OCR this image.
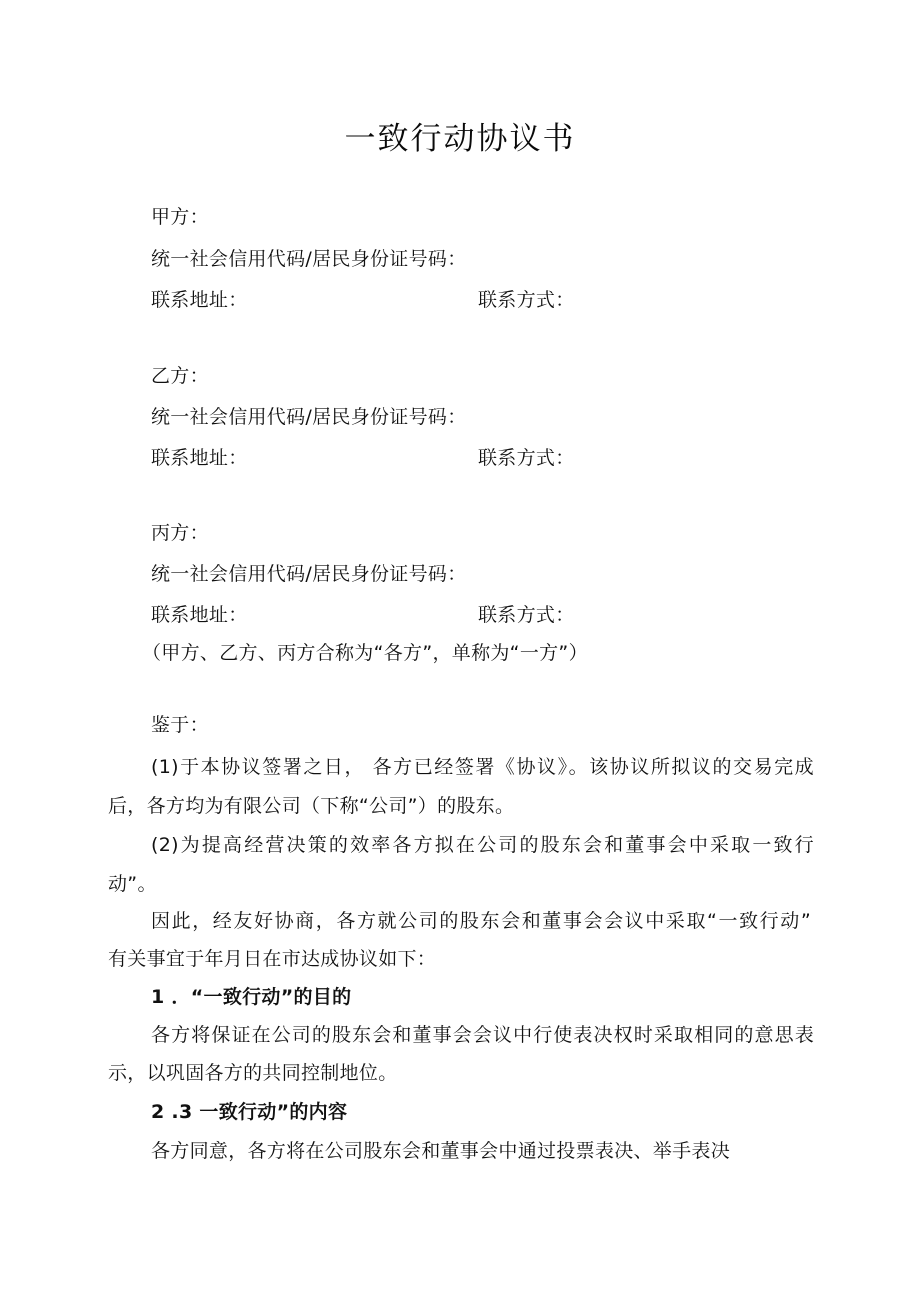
一致行动协议书
甲方：
统一社会信用代码/居民身份证号码：
联系地址：	联系方式：
乙方：
统一社会信用代码/居民身份证号码：
联系地址：	联系方式：
丙方：
统一社会信用代码/居民身份证号码：
联系地址：	联系方式：
（甲方、乙方、丙方合称为“各方”，单称为“一方”）
鉴于：
(1)于本协议签署之日， 各方已经签署《协议》。该协议所拟议的交易完成
后，各方均为有限公司（下称“公司”）的股东。
(2)为提高经营决策的效率各方拟在公司的股东会和董事会中采取一致行
动”。
因此，经友好协商，各方就公司的股东会和董事会会议中采取“一致行动”
有关事宜于年月日在市达成协议如下：
1 ．“一致行动”的目的
各方将保证在公司的股东会和董事会会议中行使表决权时采取相同的意思表
示，以巩固各方的共同控制地位。
2 .3 一致行动”的内容
各方同意，各方将在公司股东会和董事会中通过投票表决、举手表决
